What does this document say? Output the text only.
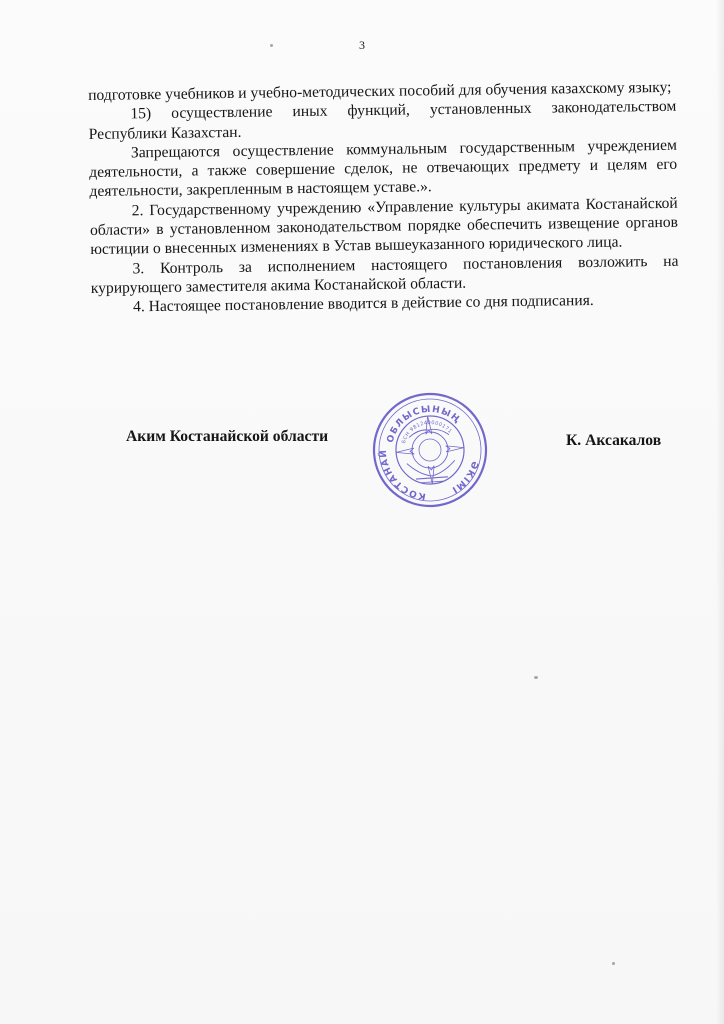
3

подготовке учебников и учебно-методических пособий для обучения казахскому языку;

15) осуществление иных функций, установленных законодательством Республики Казахстан.

Запрещаются осуществление коммунальным государственным учреждением деятельности, а также совершение сделок, не отвечающих предмету и целям его деятельности, закрепленным в настоящем уставе.».

2. Государственному учреждению «Управление культуры акимата Костанайской области» в установленном законодательством порядке обеспечить извещение органов юстиции о внесенных изменениях в Устав вышеуказанного юридического лица.

3. Контроль за исполнением настоящего постановления возложить на курирующего заместителя акима Костанайской области.

4. Настоящее постановление вводится в действие со дня подписания.

Аким Костанайской области	ОБЛЫСЫНЫҢ
КОСТАНАЙ
ӘКІМІ
БСН 981240000171
К. Аксакалов
